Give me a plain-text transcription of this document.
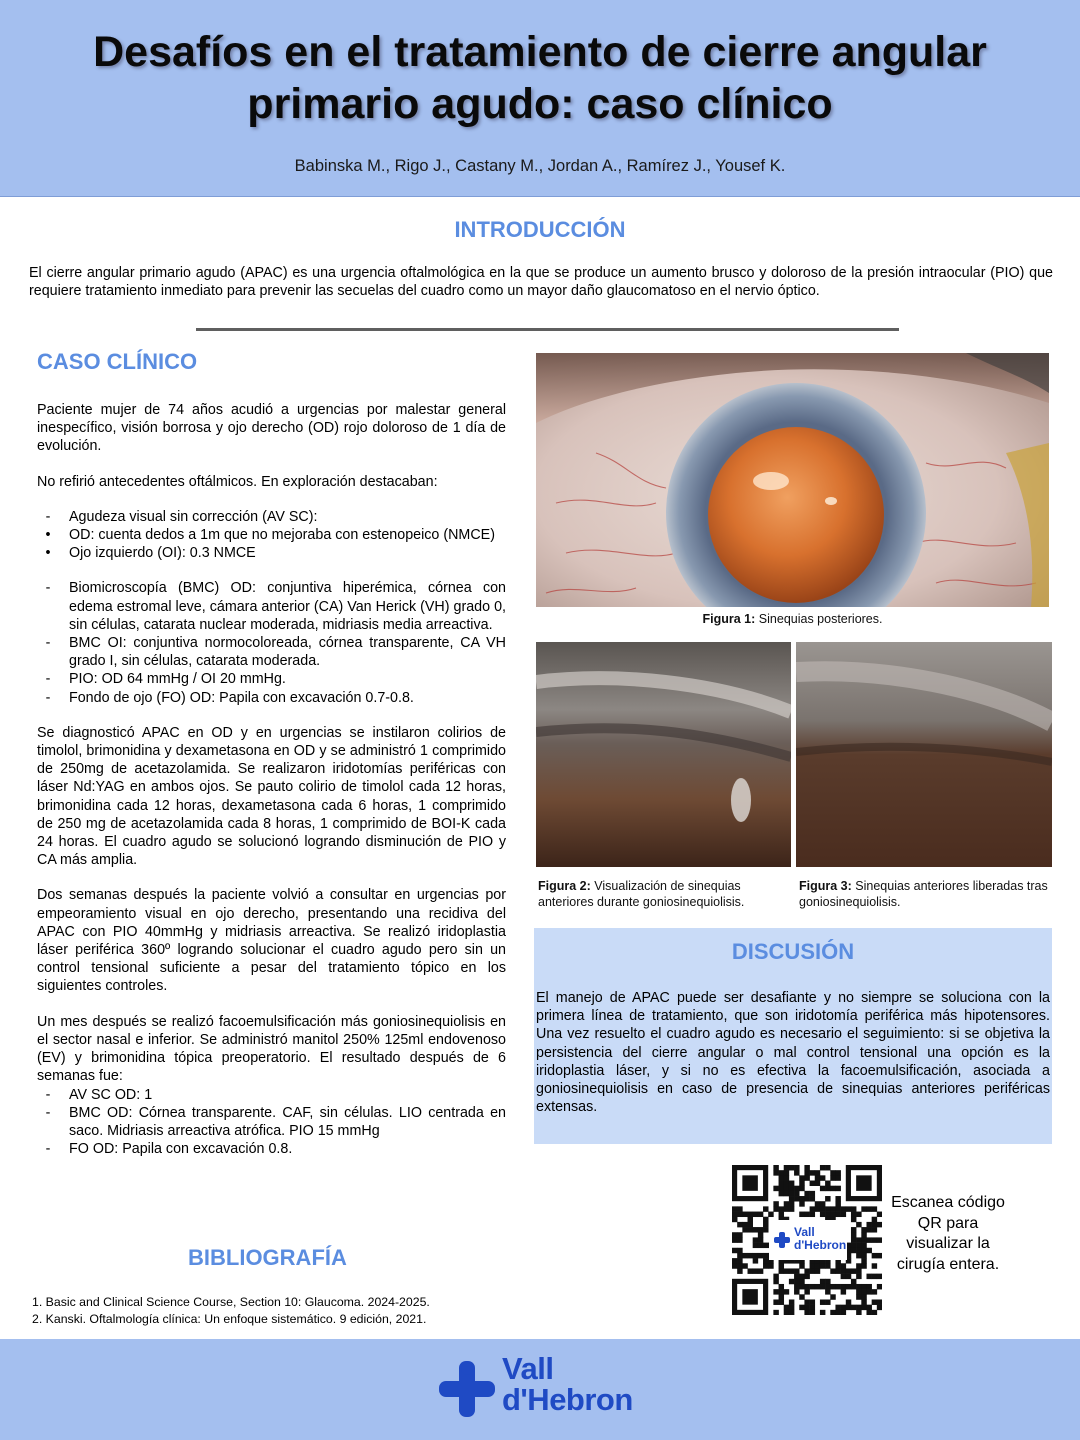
Desafíos en el tratamiento de cierre angular
primario agudo: caso clínico
Babinska M., Rigo J., Castany M., Jordan A., Ramírez J., Yousef K.
INTRODUCCIÓN

El cierre angular primario agudo (APAC) es una urgencia oftalmológica en la que se produce un aumento brusco y doloroso de la presión intraocular (PIO) que requiere tratamiento inmediato para prevenir las secuelas del cuadro como un mayor daño glaucomatoso en el nervio óptico.

CASO CLÍNICO

Paciente mujer de 74 años acudió a urgencias por malestar general inespecífico, visión borrosa y ojo derecho (OD) rojo doloroso de 1 día de evolución.

No refirió antecedentes oftálmicos. En exploración destacaban:

-	Agudeza visual sin corrección (AV SC):
•	OD: cuenta dedos a 1m que no mejoraba con estenopeico (NMCE)
•	Ojo izquierdo (OI): 0.3 NMCE
-	Biomicroscopía (BMC) OD: conjuntiva hiperémica, córnea con edema estromal leve, cámara anterior (CA) Van Herick (VH) grado 0, sin células, catarata nuclear moderada, midriasis media arreactiva.
-	BMC OI: conjuntiva normocoloreada, córnea transparente, CA VH grado I, sin células, catarata moderada.
-	PIO: OD 64 mmHg / OI 20 mmHg.
-	Fondo de ojo (FO) OD: Papila con excavación 0.7-0.8.

Se diagnosticó APAC en OD y en urgencias se instilaron colirios de timolol, brimonidina y dexametasona en OD y se administró 1 comprimido de 250mg de acetazolamida. Se realizaron iridotomías periféricas con láser Nd:YAG en ambos ojos. Se pauto colirio de timolol cada 12 horas, brimonidina cada 12 horas, dexametasona cada 6 horas, 1 comprimido de 250 mg de acetazolamida cada 8 horas, 1 comprimido de BOI-K cada 24 horas. El cuadro agudo se solucionó logrando disminución de PIO y CA más amplia.

Dos semanas después la paciente volvió a consultar en urgencias por empeoramiento visual en ojo derecho, presentando una recidiva del APAC con PIO 40mmHg y midriasis arreactiva. Se realizó iridoplastia láser periférica 360º logrando solucionar el cuadro agudo pero sin un control tensional suficiente a pesar del tratamiento tópico en los siguientes controles.

Un mes después se realizó facoemulsificación más goniosinequiolisis en el sector nasal e inferior. Se administró manitol 250% 125ml endovenoso (EV) y brimonidina tópica preoperatorio. El resultado después de 6 semanas fue:

-	AV SC OD: 1
-	BMC OD: Córnea transparente. CAF, sin células. LIO centrada en saco. Midriasis arreactiva atrófica. PIO 15 mmHg
-	FO OD: Papila con excavación 0.8.
Figura 1: Sinequias posteriores.
Figura 2: Visualización de sinequias anteriores durante goniosinequiolisis.
Figura 3: Sinequias anteriores liberadas tras goniosinequiolisis.
DISCUSIÓN

El manejo de APAC puede ser desafiante y no siempre se soluciona con la primera línea de tratamiento, que son iridotomía periférica más hipotensores. Una vez resuelto el cuadro agudo es necesario el seguimiento: si se objetiva la persistencia del cierre angular o mal control tensional una opción es la iridoplastia láser, y si no es efectiva la facoemulsificación, asociada a goniosinequiolisis en caso de presencia de sinequias anteriores periféricas extensas.

Vall
d'Hebron
Escanea código QR para visualizar la cirugía entera.
BIBLIOGRAFÍA
1. Basic and Clinical Science Course, Section 10: Glaucoma. 2024-2025.
2. Kanski. Oftalmología clínica: Un enfoque sistemático. 9 edición, 2021.
Vall
d'Hebron
